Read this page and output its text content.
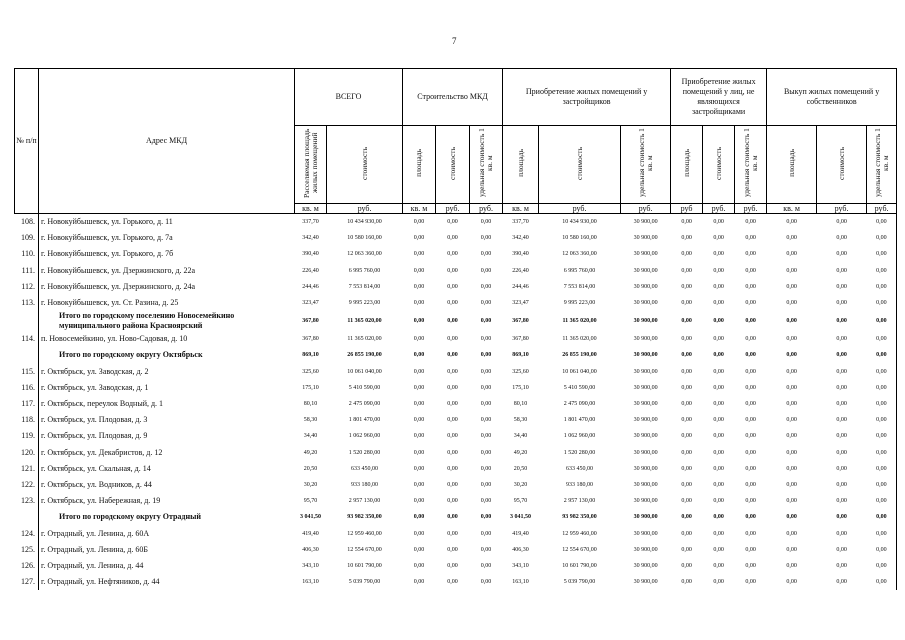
7
№ п/п	Адрес МКД	ВСЕГО		Строительство МКД			Приобретение жилых помещений у застройщиков			Приобретение жилых помещений у лиц, не являющихся застройщиками			Выкуп жилых помещений у собственников		
		Расселяемая площадь жилых помещений	стоимость	площадь	стоимость	удельная стоимость 1 кв. м	площадь	стоимость	удельная стоимость 1 кв. м	площадь	стоимость	удельная стоимость 1 кв. м	площадь	стоимость	удельная стоимость 1 кв. м
		кв. м	руб.	кв. м	руб.	руб.	кв. м	руб.	руб.	руб	руб.	руб.	кв. м	руб.	руб.
108.	г. Новокуйбышевск, ул. Горького, д. 11	337,70	10 434 930,00	0,00	0,00	0,00	337,70	10 434 930,00	30 900,00	0,00	0,00	0,00	0,00	0,00	0,00
109.	г. Новокуйбышевск, ул. Горького, д. 7а	342,40	10 580 160,00	0,00	0,00	0,00	342,40	10 580 160,00	30 900,00	0,00	0,00	0,00	0,00	0,00	0,00
110.	г. Новокуйбышевск, ул. Горького, д. 7б	390,40	12 063 360,00	0,00	0,00	0,00	390,40	12 063 360,00	30 900,00	0,00	0,00	0,00	0,00	0,00	0,00
111.	г. Новокуйбышевск, ул. Дзержинского, д. 22а	226,40	6 995 760,00	0,00	0,00	0,00	226,40	6 995 760,00	30 900,00	0,00	0,00	0,00	0,00	0,00	0,00
112.	г. Новокуйбышевск, ул. Дзержинского, д. 24а	244,46	7 553 814,00	0,00	0,00	0,00	244,46	7 553 814,00	30 900,00	0,00	0,00	0,00	0,00	0,00	0,00
113.	г. Новокуйбышевск, ул. Ст. Разина, д. 25	323,47	9 995 223,00	0,00	0,00	0,00	323,47	9 995 223,00	30 900,00	0,00	0,00	0,00	0,00	0,00	0,00
	Итого по городскому поселению Новосемейкино муниципального района Красноярский	367,80	11 365 020,00	0,00	0,00	0,00	367,80	11 365 020,00	30 900,00	0,00	0,00	0,00	0,00	0,00	0,00
114.	п. Новосемейкино, ул. Ново-Садовая, д. 10	367,80	11 365 020,00	0,00	0,00	0,00	367,80	11 365 020,00	30 900,00	0,00	0,00	0,00	0,00	0,00	0,00
	Итого по городскому округу Октябрьск	869,10	26 855 190,00	0,00	0,00	0,00	869,10	26 855 190,00	30 900,00	0,00	0,00	0,00	0,00	0,00	0,00
115.	г. Октябрьск, ул. Заводская, д. 2	325,60	10 061 040,00	0,00	0,00	0,00	325,60	10 061 040,00	30 900,00	0,00	0,00	0,00	0,00	0,00	0,00
116.	г. Октябрьск, ул. Заводская, д. 1	175,10	5 410 590,00	0,00	0,00	0,00	175,10	5 410 590,00	30 900,00	0,00	0,00	0,00	0,00	0,00	0,00
117.	г. Октябрьск, переулок Водный, д. 1	80,10	2 475 090,00	0,00	0,00	0,00	80,10	2 475 090,00	30 900,00	0,00	0,00	0,00	0,00	0,00	0,00
118.	г. Октябрьск, ул. Плодовая, д. 3	58,30	1 801 470,00	0,00	0,00	0,00	58,30	1 801 470,00	30 900,00	0,00	0,00	0,00	0,00	0,00	0,00
119.	г. Октябрьск, ул. Плодовая, д. 9	34,40	1 062 960,00	0,00	0,00	0,00	34,40	1 062 960,00	30 900,00	0,00	0,00	0,00	0,00	0,00	0,00
120.	г. Октябрьск, ул. Декабристов, д. 12	49,20	1 520 280,00	0,00	0,00	0,00	49,20	1 520 280,00	30 900,00	0,00	0,00	0,00	0,00	0,00	0,00
121.	г. Октябрьск, ул. Скальная, д. 14	20,50	633 450,00	0,00	0,00	0,00	20,50	633 450,00	30 900,00	0,00	0,00	0,00	0,00	0,00	0,00
122.	г. Октябрьск, ул. Водников, д. 44	30,20	933 180,00	0,00	0,00	0,00	30,20	933 180,00	30 900,00	0,00	0,00	0,00	0,00	0,00	0,00
123.	г. Октябрьск, ул. Набережная, д. 19	95,70	2 957 130,00	0,00	0,00	0,00	95,70	2 957 130,00	30 900,00	0,00	0,00	0,00	0,00	0,00	0,00
	Итого по городскому округу Отрадный	3 041,50	93 982 350,00	0,00	0,00	0,00	3 041,50	93 982 350,00	30 900,00	0,00	0,00	0,00	0,00	0,00	0,00
124.	г. Отрадный, ул. Ленина, д. 60А	419,40	12 959 460,00	0,00	0,00	0,00	419,40	12 959 460,00	30 900,00	0,00	0,00	0,00	0,00	0,00	0,00
125.	г. Отрадный, ул. Ленина, д. 60Б	406,30	12 554 670,00	0,00	0,00	0,00	406,30	12 554 670,00	30 900,00	0,00	0,00	0,00	0,00	0,00	0,00
126.	г. Отрадный, ул. Ленина, д. 44	343,10	10 601 790,00	0,00	0,00	0,00	343,10	10 601 790,00	30 900,00	0,00	0,00	0,00	0,00	0,00	0,00
127.	г. Отрадный, ул. Нефтяников, д. 44	163,10	5 039 790,00	0,00	0,00	0,00	163,10	5 039 790,00	30 900,00	0,00	0,00	0,00	0,00	0,00	0,00
